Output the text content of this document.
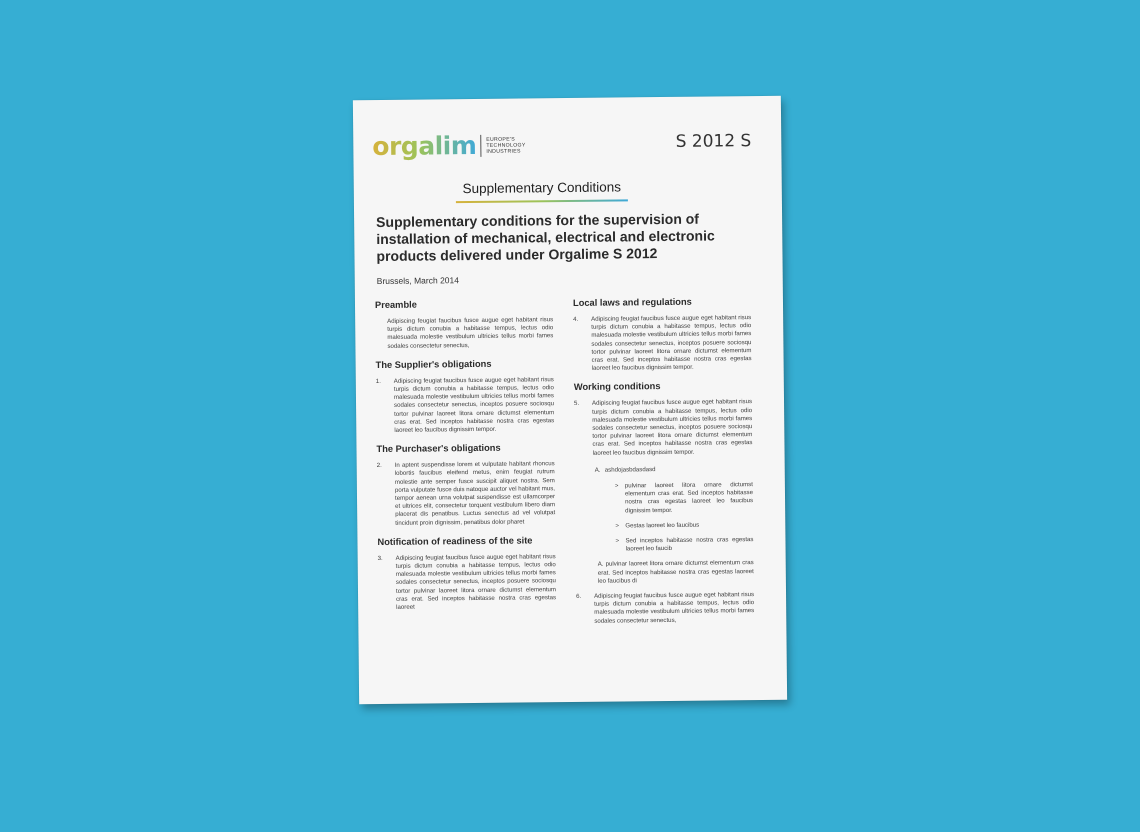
orgalim EUROPE'S
TECHNOLOGY
INDUSTRIES	S 2012 S
Supplementary Conditions
Supplementary conditions for the supervision of installation of mechanical, electrical and electronic products delivered under Orgalime S 2012
Brussels, March 2014
Preamble
Adipiscing feugiat faucibus fusce augue eget habitant risus turpis dictum conubia a habitasse tempus, lectus odio malesuada molestie vestibulum ultricies tellus morbi fames sodales consectetur senectus,
The Supplier's obligations
1.	Adipiscing feugiat faucibus fusce augue eget habitant risus turpis dictum conubia a habitasse tempus, lectus odio malesuada molestie vestibulum ultricies tellus morbi fames sodales consectetur senectus, inceptos posuere sociosqu tortor pulvinar laoreet litora ornare dictumst elementum cras erat. Sed inceptos habitasse nostra cras egestas laoreet leo faucibus dignissim tempor.
The Purchaser's obligations
2.	In aptent suspendisse lorem et vulputate habitant rhoncus lobortis faucibus eleifend metus, enim feugiat rutrum molestie ante semper fusce suscipit aliquet nostra. Sem porta vulputate fusce duis natoque auctor vel habitant mus, tempor aenean urna volutpat suspendisse est ullamcorper et ultrices elit, consectetur torquent vestibulum libero diam placerat dis penatibus. Luctus senectus ad vel volutpat tincidunt proin dignissim, penatibus dolor pharet
Notification of readiness of the site
3.	Adipiscing feugiat faucibus fusce augue eget habitant risus turpis dictum conubia a habitasse tempus, lectus odio malesuada molestie vestibulum ultricies tellus morbi fames sodales consectetur senectus, inceptos posuere sociosqu tortor pulvinar laoreet litora ornare dictumst elementum cras erat. Sed inceptos habitasse nostra cras egestas laoreet
Local laws and regulations
4.	Adipiscing feugiat faucibus fusce augue eget habitant risus turpis dictum conubia a habitasse tempus, lectus odio malesuada molestie vestibulum ultricies tellus morbi fames sodales consectetur senectus, inceptos posuere sociosqu tortor pulvinar laoreet litora ornare dictumst elementum cras erat. Sed inceptos habitasse nostra cras egestas laoreet leo faucibus dignissim tempor.
Working conditions
5.	Adipiscing feugiat faucibus fusce augue eget habitant risus turpis dictum conubia a habitasse tempus, lectus odio malesuada molestie vestibulum ultricies tellus morbi fames sodales consectetur senectus, inceptos posuere sociosqu tortor pulvinar laoreet litora ornare dictumst elementum cras erat. Sed inceptos habitasse nostra cras egestas laoreet leo faucibus dignissim tempor.
A. ashdojasbdasdasd
>	pulvinar laoreet litora ornare dictumst elementum cras erat. Sed inceptos habitasse nostra cras egestas laoreet leo faucibus dignissim tempor.
>	Gestas laoreet leo faucibus
>	Sed inceptos habitasse nostra cras egestas laoreet leo faucib
A. pulvinar laoreet litora ornare dictumst elementum cras erat. Sed inceptos habitasse nostra cras egestas laoreet leo faucibus di
6.	Adipiscing feugiat faucibus fusce augue eget habitant risus turpis dictum conubia a habitasse tempus, lectus odio malesuada molestie vestibulum ultricies tellus morbi fames sodales consectetur senectus,
